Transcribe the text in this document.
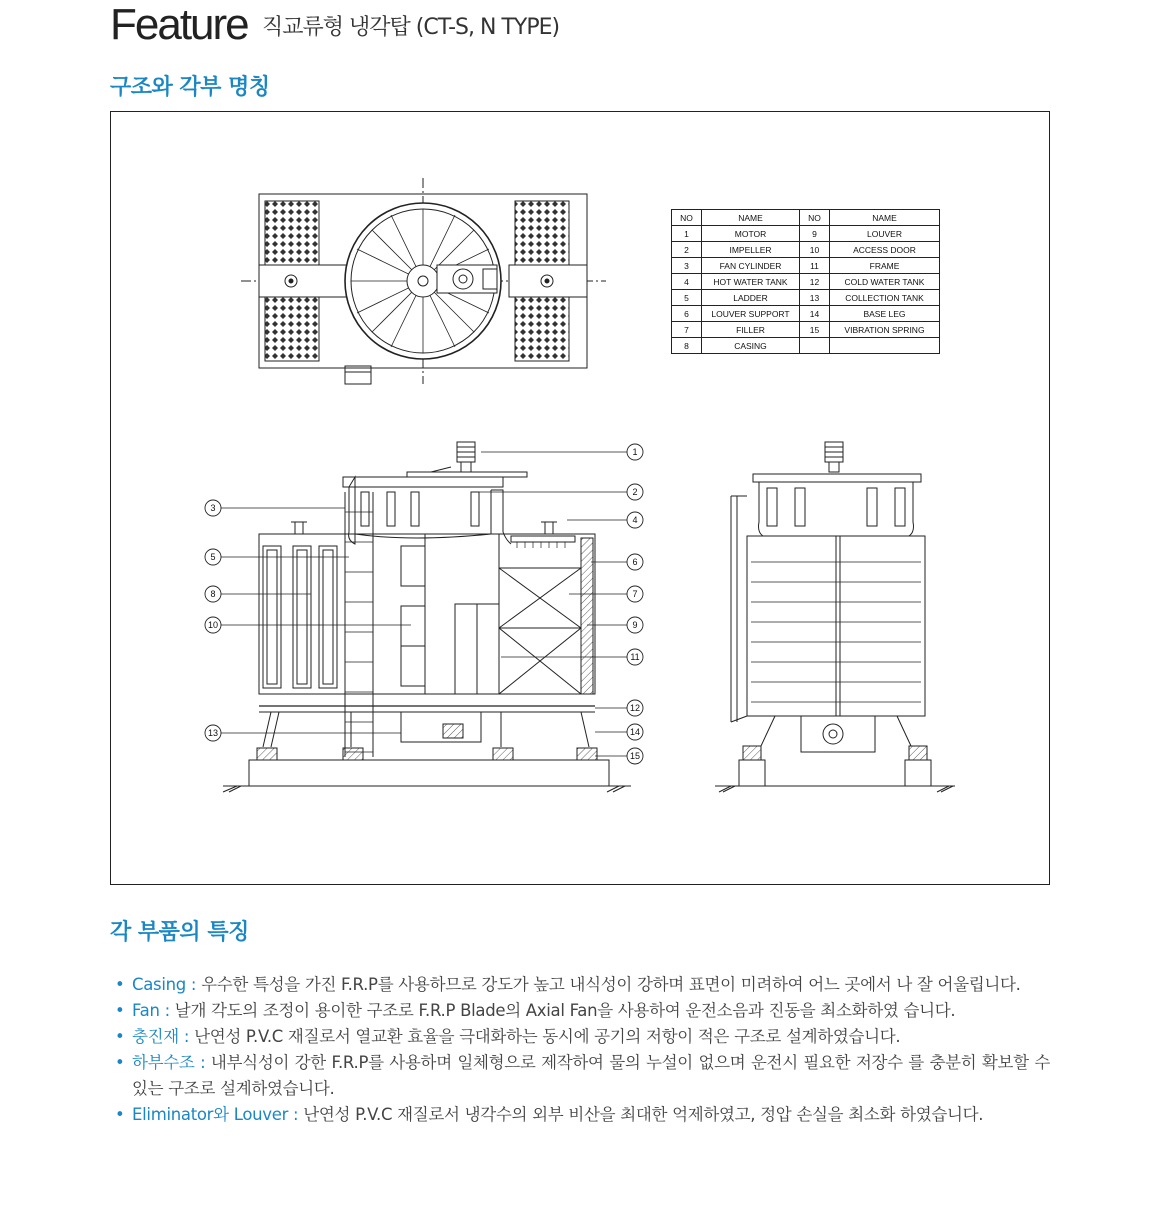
Feature 직교류형 냉각탑 (CT-S, N TYPE)
구조와 각부 명칭
1
2
4
3
5
8
10
6
7
9
11
12
13	14
15
NO	NAME	NO	NAME
1	MOTOR	9	LOUVER
2	IMPELLER	10	ACCESS DOOR
3	FAN CYLINDER	11	FRAME
4	HOT WATER TANK	12	COLD WATER TANK
5	LADDER	13	COLLECTION TANK
6	LOUVER SUPPORT	14	BASE LEG
7	FILLER	15	VIBRATION SPRING
8	CASING		
각 부품의 특징
• Casing : 우수한 특성을 가진 F.R.P를 사용하므로 강도가 높고 내식성이 강하며 표면이 미려하여 어느 곳에서 나 잘 어울립니다.
• Fan : 날개 각도의 조정이 용이한 구조로 F.R.P Blade의 Axial Fan을 사용하여 운전소음과 진동을 최소화하였 습니다.
• 충진재 : 난연성 P.V.C 재질로서 열교환 효율을 극대화하는 동시에 공기의 저항이 적은 구조로 설계하였습니다.
• 하부수조 : 내부식성이 강한 F.R.P를 사용하며 일체형으로 제작하여 물의 누설이 없으며 운전시 필요한 저장수 를 충분히 확보할 수 있는 구조로 설계하였습니다.
• Eliminator와 Louver : 난연성 P.V.C 재질로서 냉각수의 외부 비산을 최대한 억제하였고, 정압 손실을 최소화 하였습니다.
